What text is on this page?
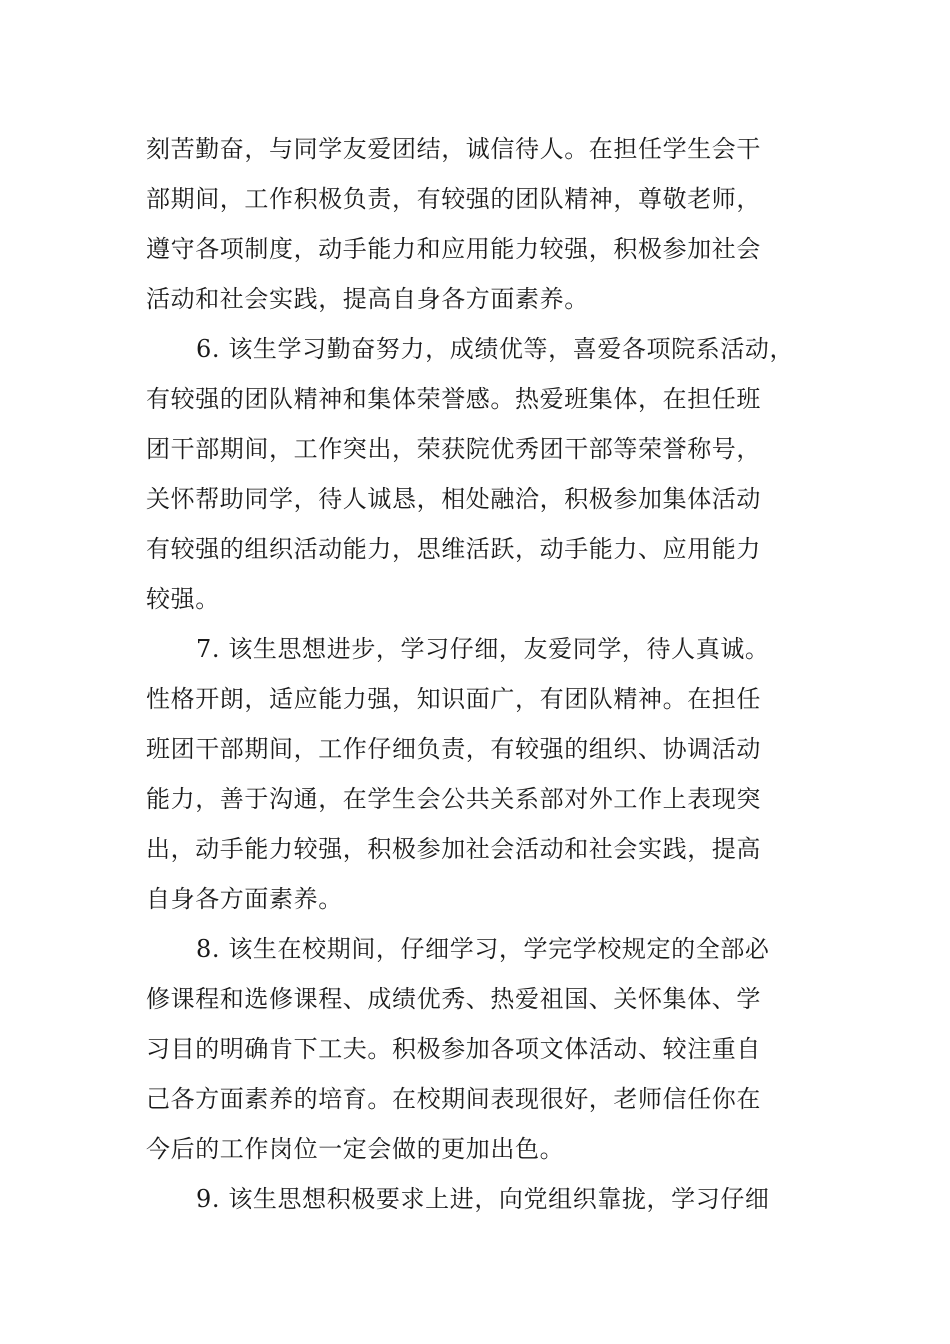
刻苦勤奋，与同学友爱团结，诚信待人。在担任学生会干
部期间，工作积极负责，有较强的团队精神，尊敬老师，
遵守各项制度，动手能力和应用能力较强，积极参加社会
活动和社会实践，提高自身各方面素养。
6. 该生学习勤奋努力，成绩优等，喜爱各项院系活动，
有较强的团队精神和集体荣誉感。热爱班集体，在担任班
团干部期间，工作突出，荣获院优秀团干部等荣誉称号，
关怀帮助同学，待人诚恳，相处融洽，积极参加集体活动
有较强的组织活动能力，思维活跃，动手能力、应用能力
较强。
7. 该生思想进步，学习仔细，友爱同学，待人真诚。
性格开朗，适应能力强，知识面广，有团队精神。在担任
班团干部期间，工作仔细负责，有较强的组织、协调活动
能力，善于沟通，在学生会公共关系部对外工作上表现突
出，动手能力较强，积极参加社会活动和社会实践，提高
自身各方面素养。
8. 该生在校期间，仔细学习，学完学校规定的全部必
修课程和选修课程、成绩优秀、热爱祖国、关怀集体、学
习目的明确肯下工夫。积极参加各项文体活动、较注重自
己各方面素养的培育。在校期间表现很好，老师信任你在
今后的工作岗位一定会做的更加出色。
9. 该生思想积极要求上进，向党组织靠拢，学习仔细
